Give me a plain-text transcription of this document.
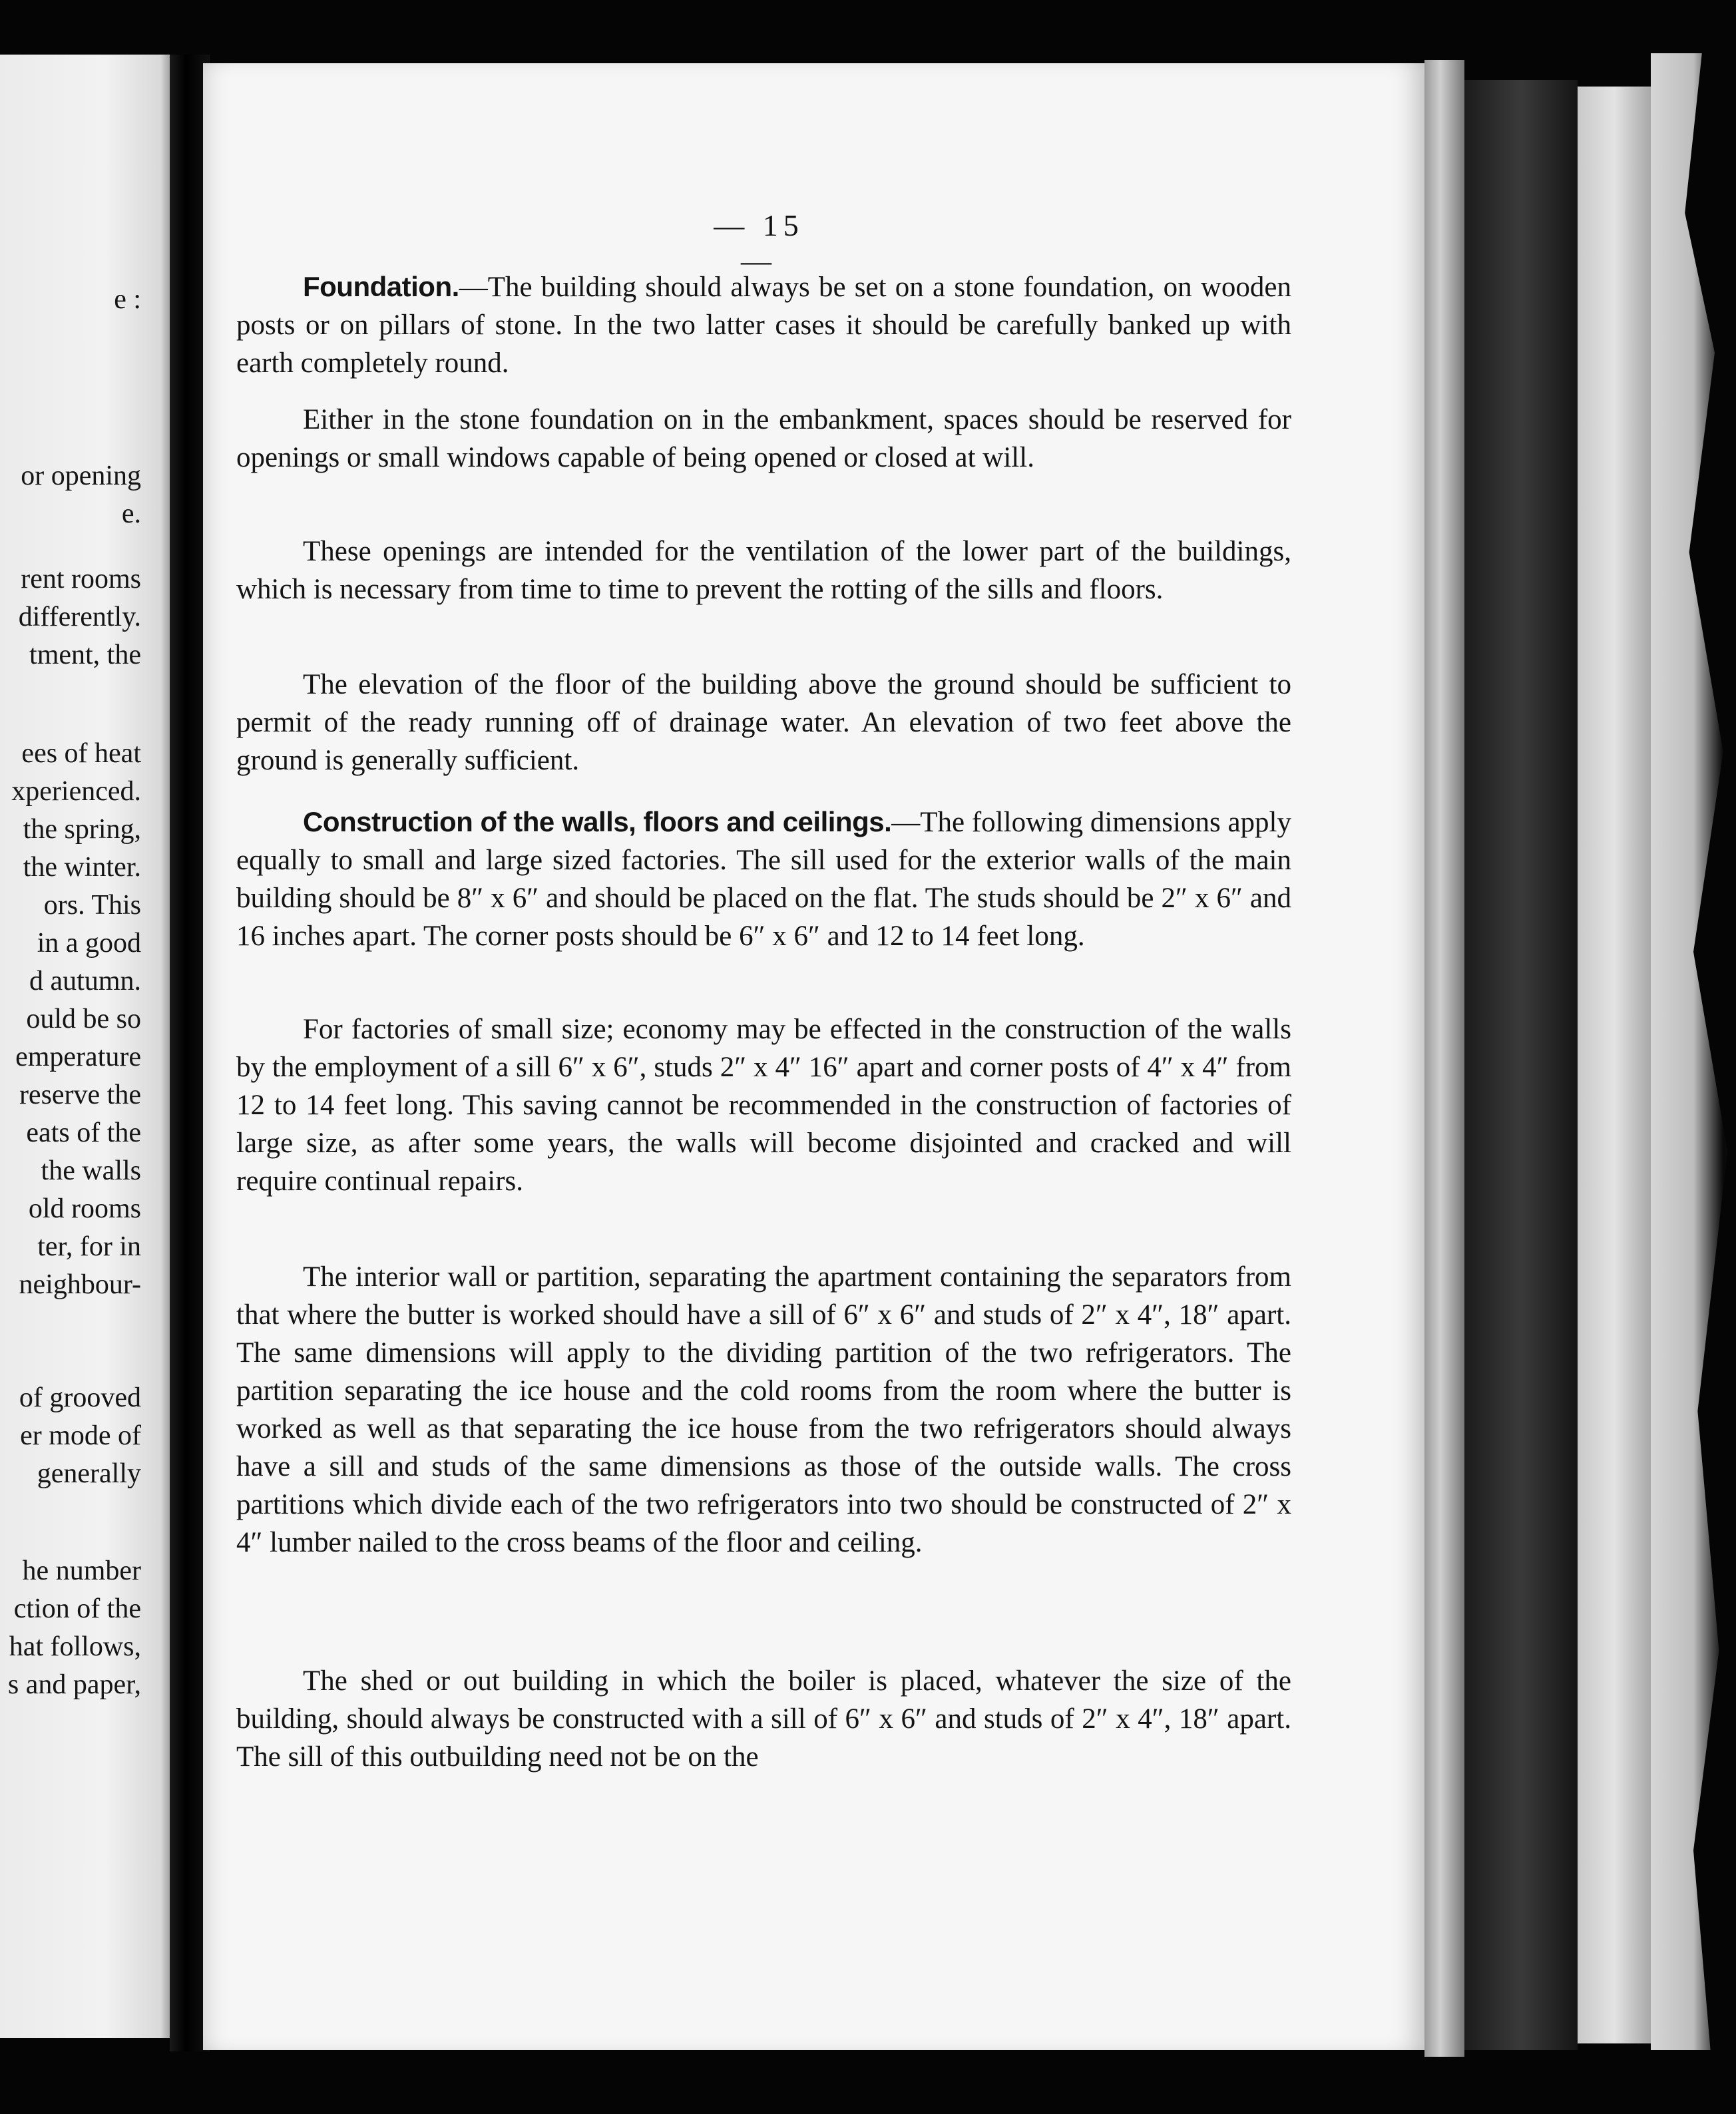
e :
or opening
e.
rent rooms
differently.
tment, the
ees of heat
xperienced.
the spring,
the winter.
ors. This
in a good
d autumn.
ould be so
emperature
reserve the
eats of the
the walls
old rooms
ter, for in
neighbour-
of grooved
er mode of
generally
he number
ction of the
hat follows,
s and paper,
— 15 —

Foundation.—The building should always be set on a stone foundation, on wooden posts or on pillars of stone. In the two latter cases it should be carefully banked up with earth completely round.

Either in the stone foundation on in the embankment, spaces should be reserved for openings or small windows capable of being opened or closed at will.

These openings are intended for the ventilation of the lower part of the buildings, which is necessary from time to time to prevent the rotting of the sills and floors.

The elevation of the floor of the building above the ground should be sufficient to permit of the ready running off of drainage water. An elevation of two feet above the ground is generally sufficient.

Construction of the walls, floors and ceilings.—The following dimensions apply equally to small and large sized factories. The sill used for the exterior walls of the main building should be 8″ x 6″ and should be placed on the flat. The studs should be 2″ x 6″ and 16 inches apart. The corner posts should be 6″ x 6″ and 12 to 14 feet long.

For factories of small size; economy may be effected in the construction of the walls by the employment of a sill 6″ x 6″, studs 2″ x 4″ 16″ apart and corner posts of 4″ x 4″ from 12 to 14 feet long. This saving cannot be recommended in the construction of factories of large size, as after some years, the walls will become disjointed and cracked and will require continual repairs.

The interior wall or partition, separating the apartment containing the separators from that where the butter is worked should have a sill of 6″ x 6″ and studs of 2″ x 4″, 18″ apart. The same dimensions will apply to the dividing partition of the two refrigerators. The partition separating the ice house and the cold rooms from the room where the butter is worked as well as that separating the ice house from the two refrigerators should always have a sill and studs of the same dimensions as those of the outside walls. The cross partitions which divide each of the two refrigerators into two should be constructed of 2″ x 4″ lumber nailed to the cross beams of the floor and ceiling.

The shed or out building in which the boiler is placed, whatever the size of the building, should always be constructed with a sill of 6″ x 6″ and studs of 2″ x 4″, 18″ apart. The sill of this outbuilding need not be on the
